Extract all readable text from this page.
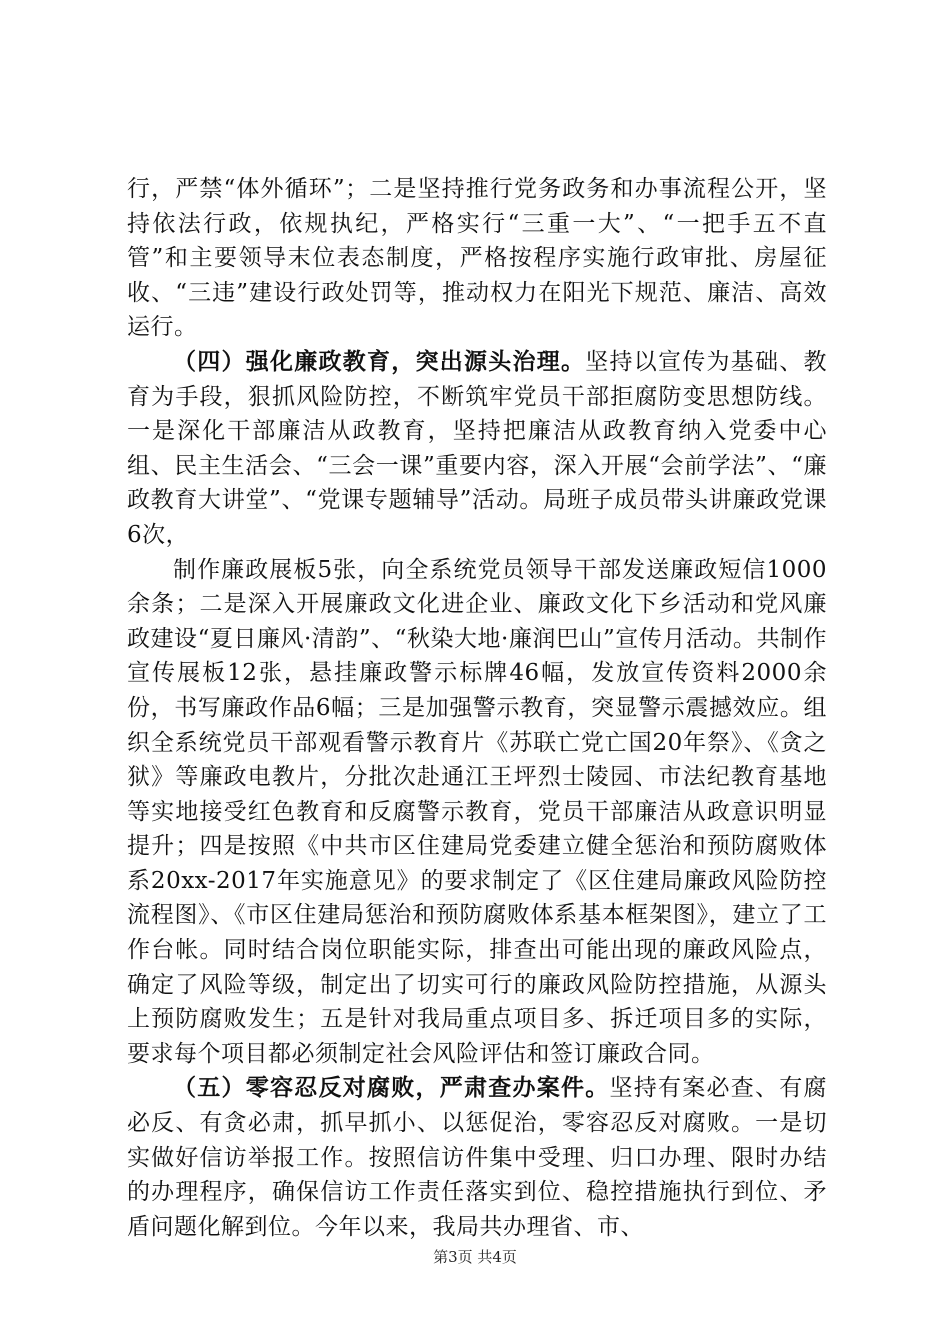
行，严禁“体外循环”；二是坚持推行党务政务和办事流程公开，坚持依法行政，依规执纪，严格实行“三重一大”、“一把手五不直管”和主要领导末位表态制度，严格按程序实施行政审批、房屋征收、“三违”建设行政处罚等，推动权力在阳光下规范、廉洁、高效运行。

（四）强化廉政教育，突出源头治理。坚持以宣传为基础、教育为手段，狠抓风险防控，不断筑牢党员干部拒腐防变思想防线。一是深化干部廉洁从政教育，坚持把廉洁从政教育纳入党委中心组、民主生活会、“三会一课”重要内容，深入开展“会前学法”、“廉政教育大讲堂”、“党课专题辅导”活动。局班子成员带头讲廉政党课6次，

制作廉政展板5张，向全系统党员领导干部发送廉政短信1000余条；二是深入开展廉政文化进企业、廉政文化下乡活动和党风廉政建设“夏日廉风·清韵”、“秋染大地·廉润巴山”宣传月活动。共制作宣传展板12张，悬挂廉政警示标牌46幅，发放宣传资料2000余份，书写廉政作品6幅；三是加强警示教育，突显警示震撼效应。组织全系统党员干部观看警示教育片《苏联亡党亡国20年祭》、《贪之狱》等廉政电教片，分批次赴通江王坪烈士陵园、市法纪教育基地等实地接受红色教育和反腐警示教育，党员干部廉洁从政意识明显提升；四是按照《中共市区住建局党委建立健全惩治和预防腐败体系20xx-2017年实施意见》的要求制定了《区住建局廉政风险防控流程图》、《市区住建局惩治和预防腐败体系基本框架图》，建立了工作台帐。同时结合岗位职能实际，排查出可能出现的廉政风险点，确定了风险等级，制定出了切实可行的廉政风险防控措施，从源头上预防腐败发生；五是针对我局重点项目多、拆迁项目多的实际，要求每个项目都必须制定社会风险评估和签订廉政合同。

（五）零容忍反对腐败，严肃查办案件。坚持有案必查、有腐必反、有贪必肃，抓早抓小、以惩促治，零容忍反对腐败。一是切实做好信访举报工作。按照信访件集中受理、归口办理、限时办结的办理程序，确保信访工作责任落实到位、稳控措施执行到位、矛盾问题化解到位。今年以来，我局共办理省、市、

第3页 共4页
